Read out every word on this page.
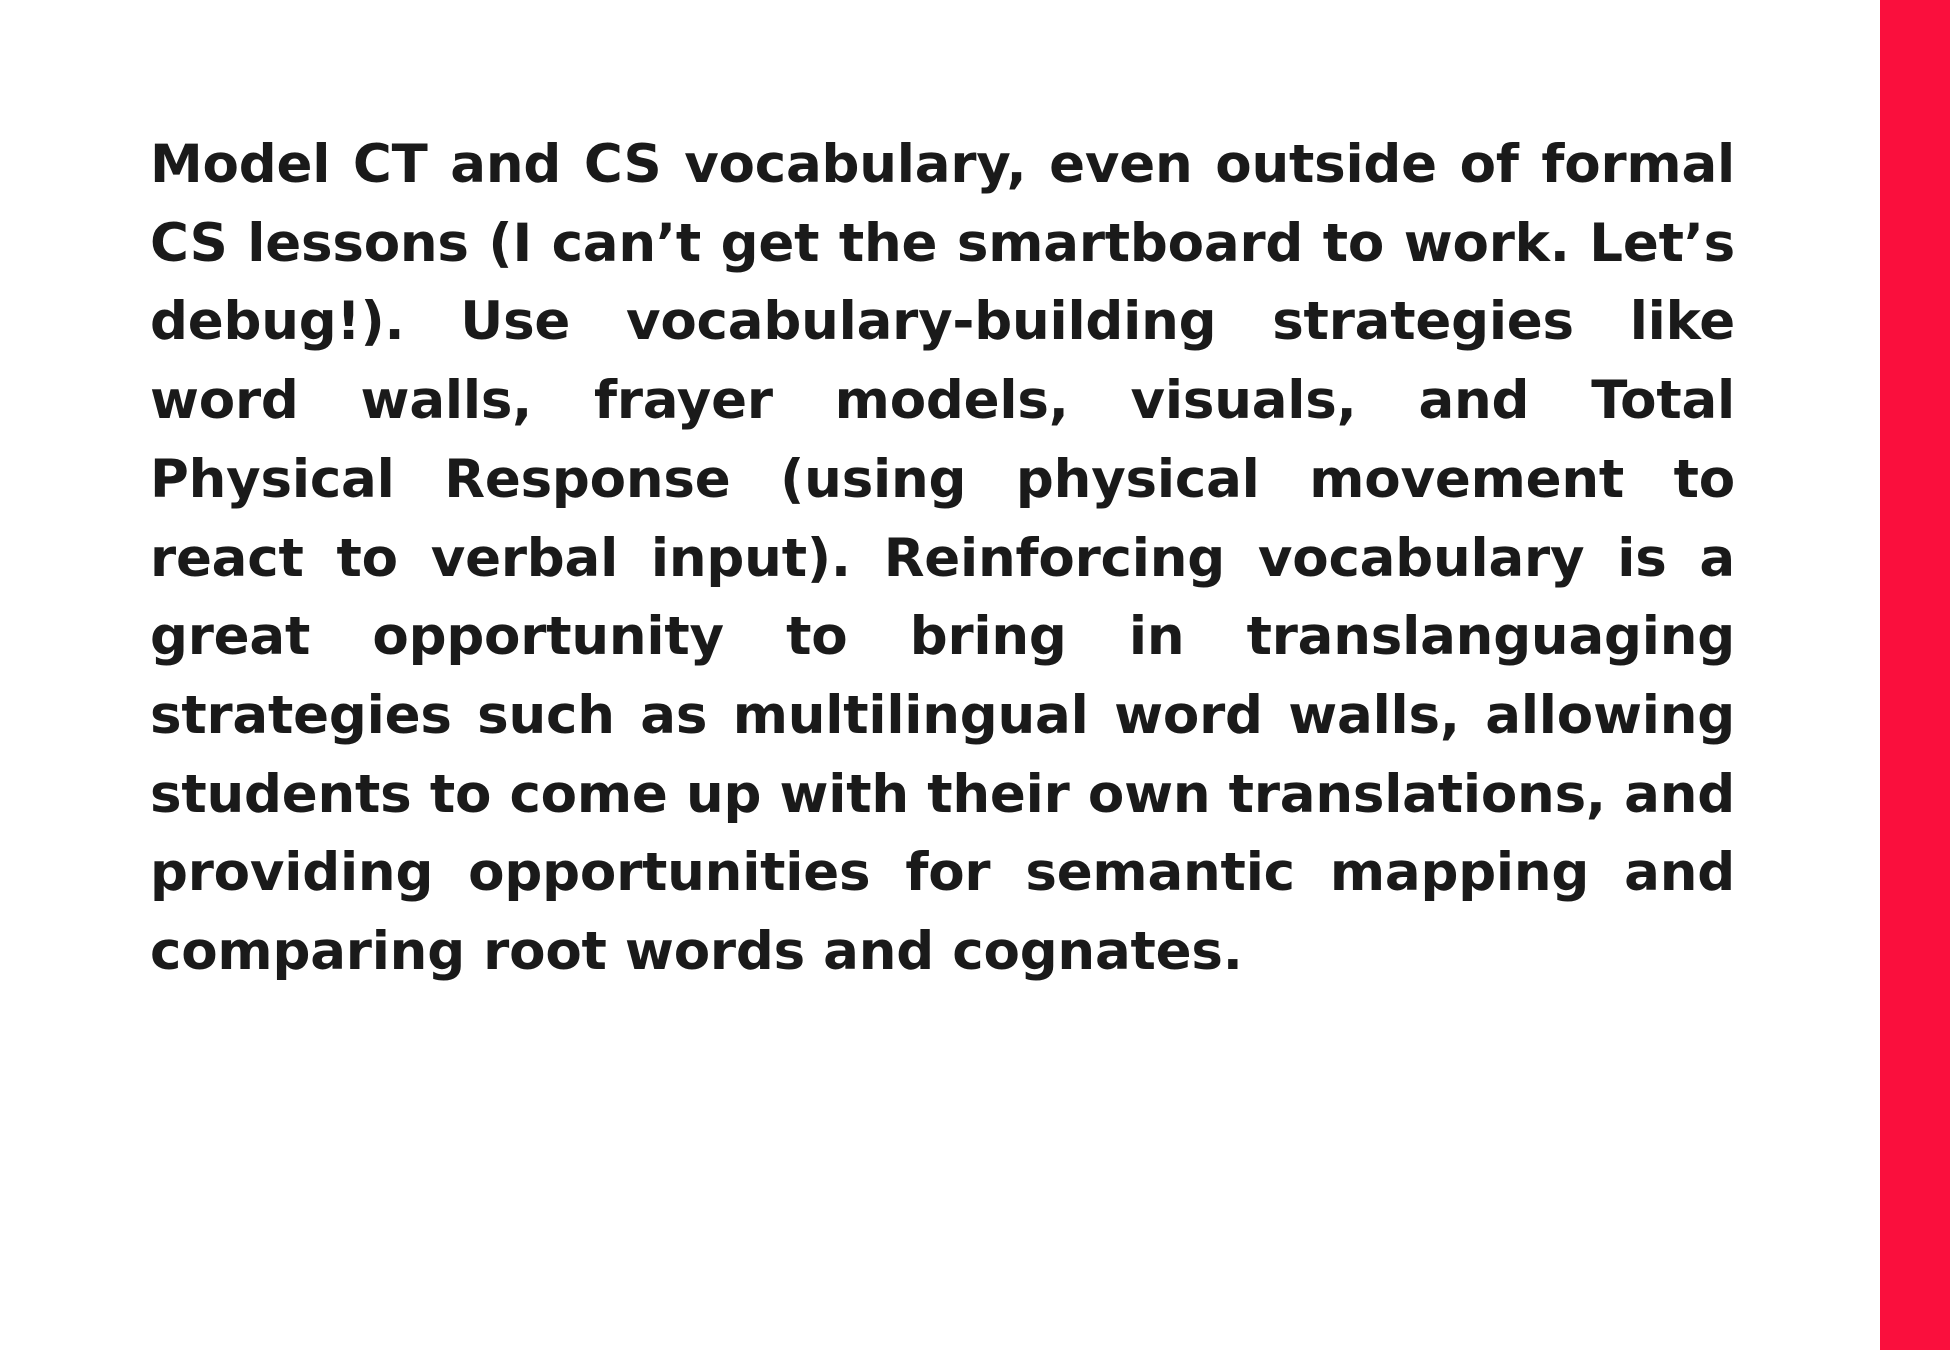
Model CT and CS vocabulary, even outside of formal CS lessons (I can’t get the smartboard to work. Let’s debug!). Use vocabulary-building strategies like word walls, frayer models, visuals, and Total Physical Response (using physical movement to react to verbal input). Reinforcing vocabulary is a great opportunity to bring in translanguaging strategies such as multilingual word walls, allowing students to come up with their own translations, and providing opportunities for semantic mapping and comparing root words and cognates.
